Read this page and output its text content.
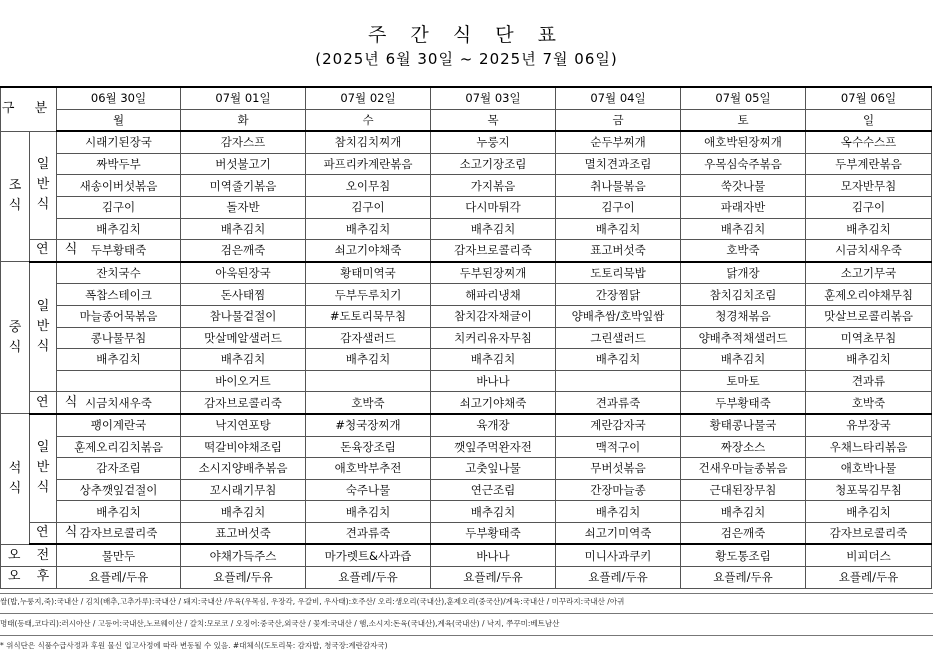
주 간 식 단 표
(2025년 6월 30일 ~ 2025년 7월 06일)
구 분		06월 30일	07월 01일	07월 02일	07월 03일	07월 04일	07월 05일	07월 06일
		월	화	수	목	금	토	일
조
식	일
반
식	시래기된장국	감자스프	참치김치찌개	누룽지	순두부찌개	애호박된장찌개	옥수수스프
		짜박두부	버섯불고기	파프리카계란볶음	소고기장조림	멸치견과조림	우목심숙주볶음	두부계란볶음
		새송이버섯볶음	미역줄기볶음	오이무침	가지볶음	취나물볶음	쑥갓나물	모자반무침
		김구이	돌자반	김구이	다시마튀각	김구이	파래자반	김구이
		배추김치	배추김치	배추김치	배추김치	배추김치	배추김치	배추김치
	연 식	두부황태죽	검은깨죽	쇠고기야채죽	감자브로콜리죽	표고버섯죽	호박죽	시금치새우죽
중
식	일
반
식	잔치국수	아욱된장국	황태미역국	두부된장찌개	도토리묵밥	닭개장	소고기무국
		폭찹스테이크	돈사태찜	두부두루치기	해파리냉채	간장찜닭	참치김치조림	훈제오리야채무침
		마늘종어묵볶음	참나물겉절이	#도토리묵무침	참치감자채글이	양배추쌈/호박잎쌈	청경채볶음	맛살브로콜리볶음
		콩나물무침	맛살메알샐러드	감자샐러드	치커리유자무침	그린샐러드	양배추적채샐러드	미역초무침
		배추김치	배추김치	배추김치	배추김치	배추김치	배추김치	배추김치
			바이오거트		바나나		토마토	견과류
	연 식	시금치새우죽	감자브로콜리죽	호박죽	쇠고기야채죽	견과류죽	두부황태죽	호박죽
석
식	일
반
식	팽이계란국	낙지연포탕	#청국장찌개	육개장	계란감자국	황태콩나물국	유부장국
		훈제오리김치볶음	떡갈비야채조림	돈육장조림	깻잎주먹완자전	맥적구이	짜장소스	우채느타리볶음
		감자조림	소시지양배추볶음	애호박부추전	고춧잎나물	무버섯볶음	건새우마늘종볶음	애호박나물
		상추깻잎겉절이	꼬시래기무침	숙주나물	연근조림	간장마늘종	근대된장무침	청포묵김무침
		배추김치	배추김치	배추김치	배추김치	배추김치	배추김치	배추김치
	연 식	감자브로콜리죽	표고버섯죽	견과류죽	두부황태죽	쇠고기미역죽	검은깨죽	감자브로콜리죽
오 전		물만두	야채가득주스	마가렛트&사과즙	바나나	미니사과쿠키	황도통조림	비피더스
오 후		요플레/두유	요플레/두유	요플레/두유	요플레/두유	요플레/두유	요플레/두유	요플레/두유
쌀(밥,누룽지,죽):국내산 / 김치(배추,고추가루):국내산 / 돼지:국내산 /우육(우목심, 우장각, 우갈비, 우사태):호주산/ 오리:생오리(국내산),훈제오리(중국산)/계육:국내산 / 미꾸라지:국내산 /아귀
명태(동태,코다리):러시아산 / 고등어:국내산,노르웨이산 / 갈치:모로코 / 오징어:중국산,외국산 / 꽃게:국내산 / 햄,소시지:돈육(국내산),계육(국내산) / 낙지, 쭈꾸미:베트남산
* 위식단은 식품수급사정과 후원 물신 입고사정에 따라 변동될 수 있음. #대체식(도토리묵: 감자밥, 청국장:계란감자국)
